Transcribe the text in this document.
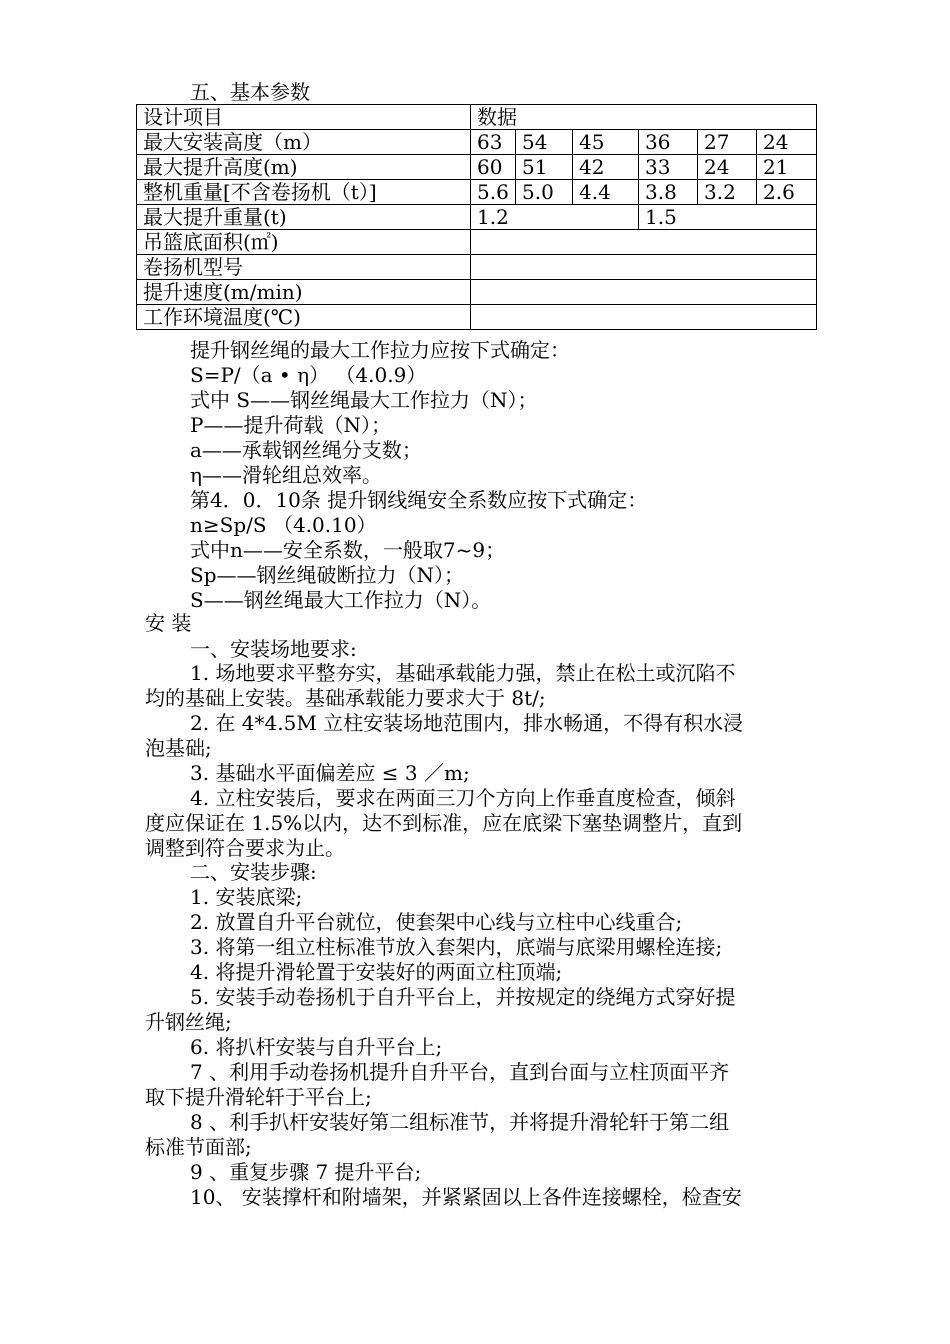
五、基本参数
设计项目	数据					
最大安装高度（m）	63	54	45	36	27	24
最大提升高度(m)	60	51	42	33	24	21
整机重量[不含卷扬机（t）]	5.6	5.0	4.4	3.8	3.2	2.6
最大提升重量(t)	1.2			1.5		
吊篮底面积(㎡)						
卷扬机型号						
提升速度(m/min)						
工作环境温度(℃)						
提升钢丝绳的最大工作拉力应按下式确定：
S=P/（a • η） （4.0.9）
式中 S——钢丝绳最大工作拉力（N）；
P——提升荷载（N）；
a——承载钢丝绳分支数；
η——滑轮组总效率。
第4．0．10条 提升钢线绳安全系数应按下式确定：
n≥Sp/S （4.0.10）
式中n——安全系数，一般取7~9；
Sp——钢丝绳破断拉力（N）；
S——钢丝绳最大工作拉力（N）。
安 装
一、安装场地要求:
1. 场地要求平整夯实，基础承载能力强，禁止在松土或沉陷不
均的基础上安装。基础承载能力要求大于 8t/;
2. 在 4*4.5M 立柱安装场地范围内，排水畅通，不得有积水浸
泡基础;
3. 基础水平面偏差应 ≤ 3 ／m;
4. 立柱安装后，要求在两面三刀个方向上作垂直度检查，倾斜
度应保证在 1.5%以内，达不到标准，应在底梁下塞垫调整片，直到
调整到符合要求为止。
二、安装步骤:
1. 安装底梁;
2. 放置自升平台就位，使套架中心线与立柱中心线重合;
3. 将第一组立柱标准节放入套架内，底端与底梁用螺栓连接;
4. 将提升滑轮置于安装好的两面立柱顶端;
5. 安装手动卷扬机于自升平台上，并按规定的绕绳方式穿好提
升钢丝绳;
6. 将扒杆安装与自升平台上;
7 、利用手动卷扬机提升自升平台，直到台面与立柱顶面平齐
取下提升滑轮轩于平台上;
8 、利手扒杆安装好第二组标准节，并将提升滑轮轩于第二组
标准节面部;
9 、重复步骤 7 提升平台;
10、 安装撑杆和附墙架，并紧紧固以上各件连接螺栓，检查安
